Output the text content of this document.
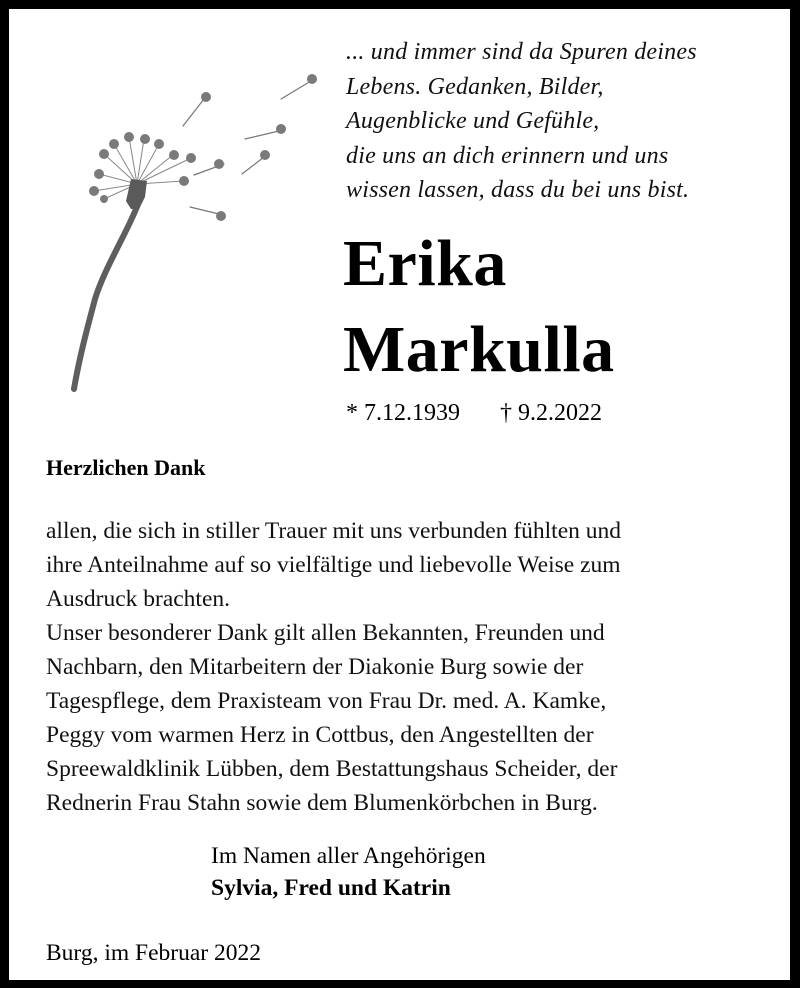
... und immer sind da Spuren deines
Lebens. Gedanken, Bilder,
Augenblicke und Gefühle,
die uns an dich erinnern und uns
wissen lassen, dass du bei uns bist.
Erika
Markulla
* 7.12.1939 † 9.2.2022
Herzlichen Dank
allen, die sich in stiller Trauer mit uns verbunden fühlten und
ihre Anteilnahme auf so vielfältige und liebevolle Weise zum
Ausdruck brachten.
Unser besonderer Dank gilt allen Bekannten, Freunden und
Nachbarn, den Mitarbeitern der Diakonie Burg sowie der
Tagespflege, dem Praxisteam von Frau Dr. med. A. Kamke,
Peggy vom warmen Herz in Cottbus, den Angestellten der
Spreewaldklinik Lübben, dem Bestattungshaus Scheider, der
Rednerin Frau Stahn sowie dem Blumenkörbchen in Burg.
Im Namen aller Angehörigen
Sylvia, Fred und Katrin
Burg, im Februar 2022
